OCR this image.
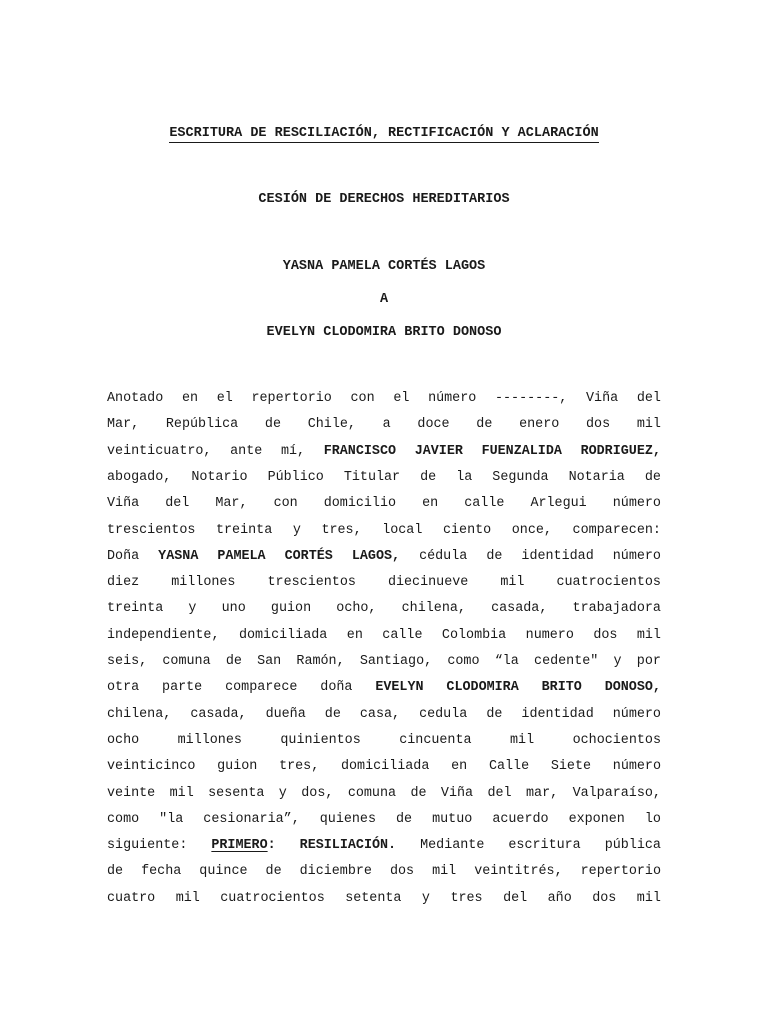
ESCRITURA DE RESCILIACIÓN, RECTIFICACIÓN Y ACLARACIÓN
CESIÓN DE DERECHOS HEREDITARIOS
YASNA PAMELA CORTÉS LAGOS
A
EVELYN CLODOMIRA BRITO DONOSO
Anotado en el repertorio con el número --------, Viña del
Mar, República de Chile, a doce de enero dos mil
veinticuatro, ante mí, FRANCISCO JAVIER FUENZALIDA RODRIGUEZ,
abogado, Notario Público Titular de la Segunda Notaria de
Viña del Mar, con domicilio en calle Arlegui número
trescientos treinta y tres, local ciento once, comparecen:
Doña YASNA PAMELA CORTÉS LAGOS, cédula de identidad número
diez millones trescientos diecinueve mil cuatrocientos
treinta y uno guion ocho, chilena, casada, trabajadora
independiente, domiciliada en calle Colombia numero dos mil
seis, comuna de San Ramón, Santiago, como “la cedente" y por
otra parte comparece doña EVELYN CLODOMIRA BRITO DONOSO,
chilena, casada, dueña de casa, cedula de identidad número
ocho	millones	quinientos	cincuenta	mil	ochocientos
veinticinco guion tres, domiciliada en Calle Siete número
veinte mil sesenta y dos, comuna de Viña del mar, Valparaíso,
como "la cesionaria”, quienes de mutuo acuerdo exponen lo
siguiente: PRIMERO: RESILIACIÓN. Mediante escritura pública
de fecha quince de diciembre dos mil veintitrés, repertorio
cuatro mil cuatrocientos setenta y tres del año dos mil
